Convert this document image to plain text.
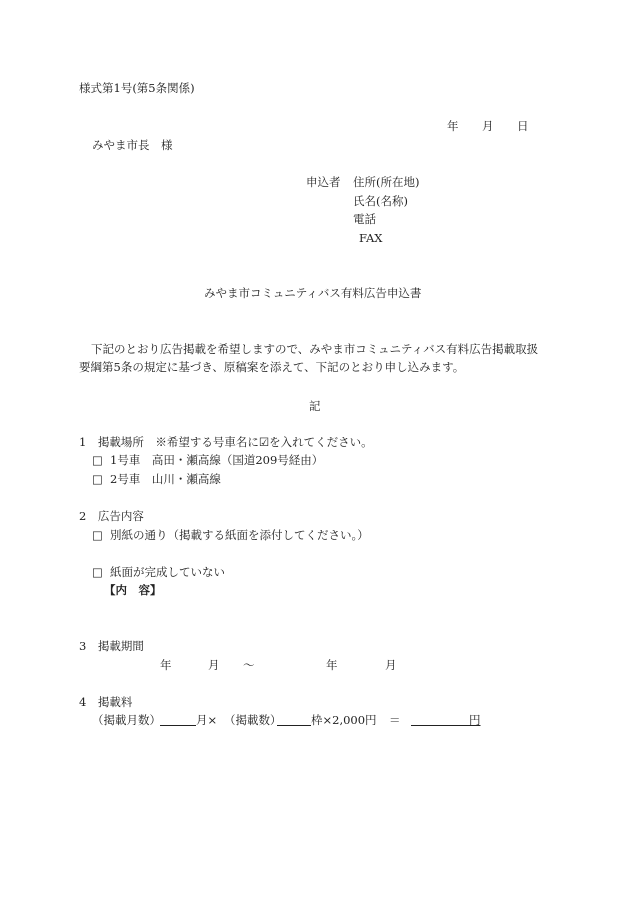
様式第1号(第5条関係)
年 月 日
みやま市長　様
申込者 住所(所在地)
氏名(名称)
電話
FAX
みやま市コミュニティバス有料広告申込書
下記のとおり広告掲載を希望しますので、みやま市コミュニティバス有料広告掲載取扱
要綱第5条の規定に基づき、原稿案を添えて、下記のとおり申し込みます。
記
1　掲載場所　※希望する号車名に☑を入れてください。
□ 1号車　高田・瀬高線（国道209号経由）
□ 2号車　山川・瀬高線
2　広告内容
□ 別紙の通り（掲載する紙面を添付してください。）
□ 紙面が完成していない
【内　容】
3　掲載期間
年	月 〜	年	月
4　掲載料
（掲載月数）	月× （掲載数）	枠×2,000円 ＝	円
